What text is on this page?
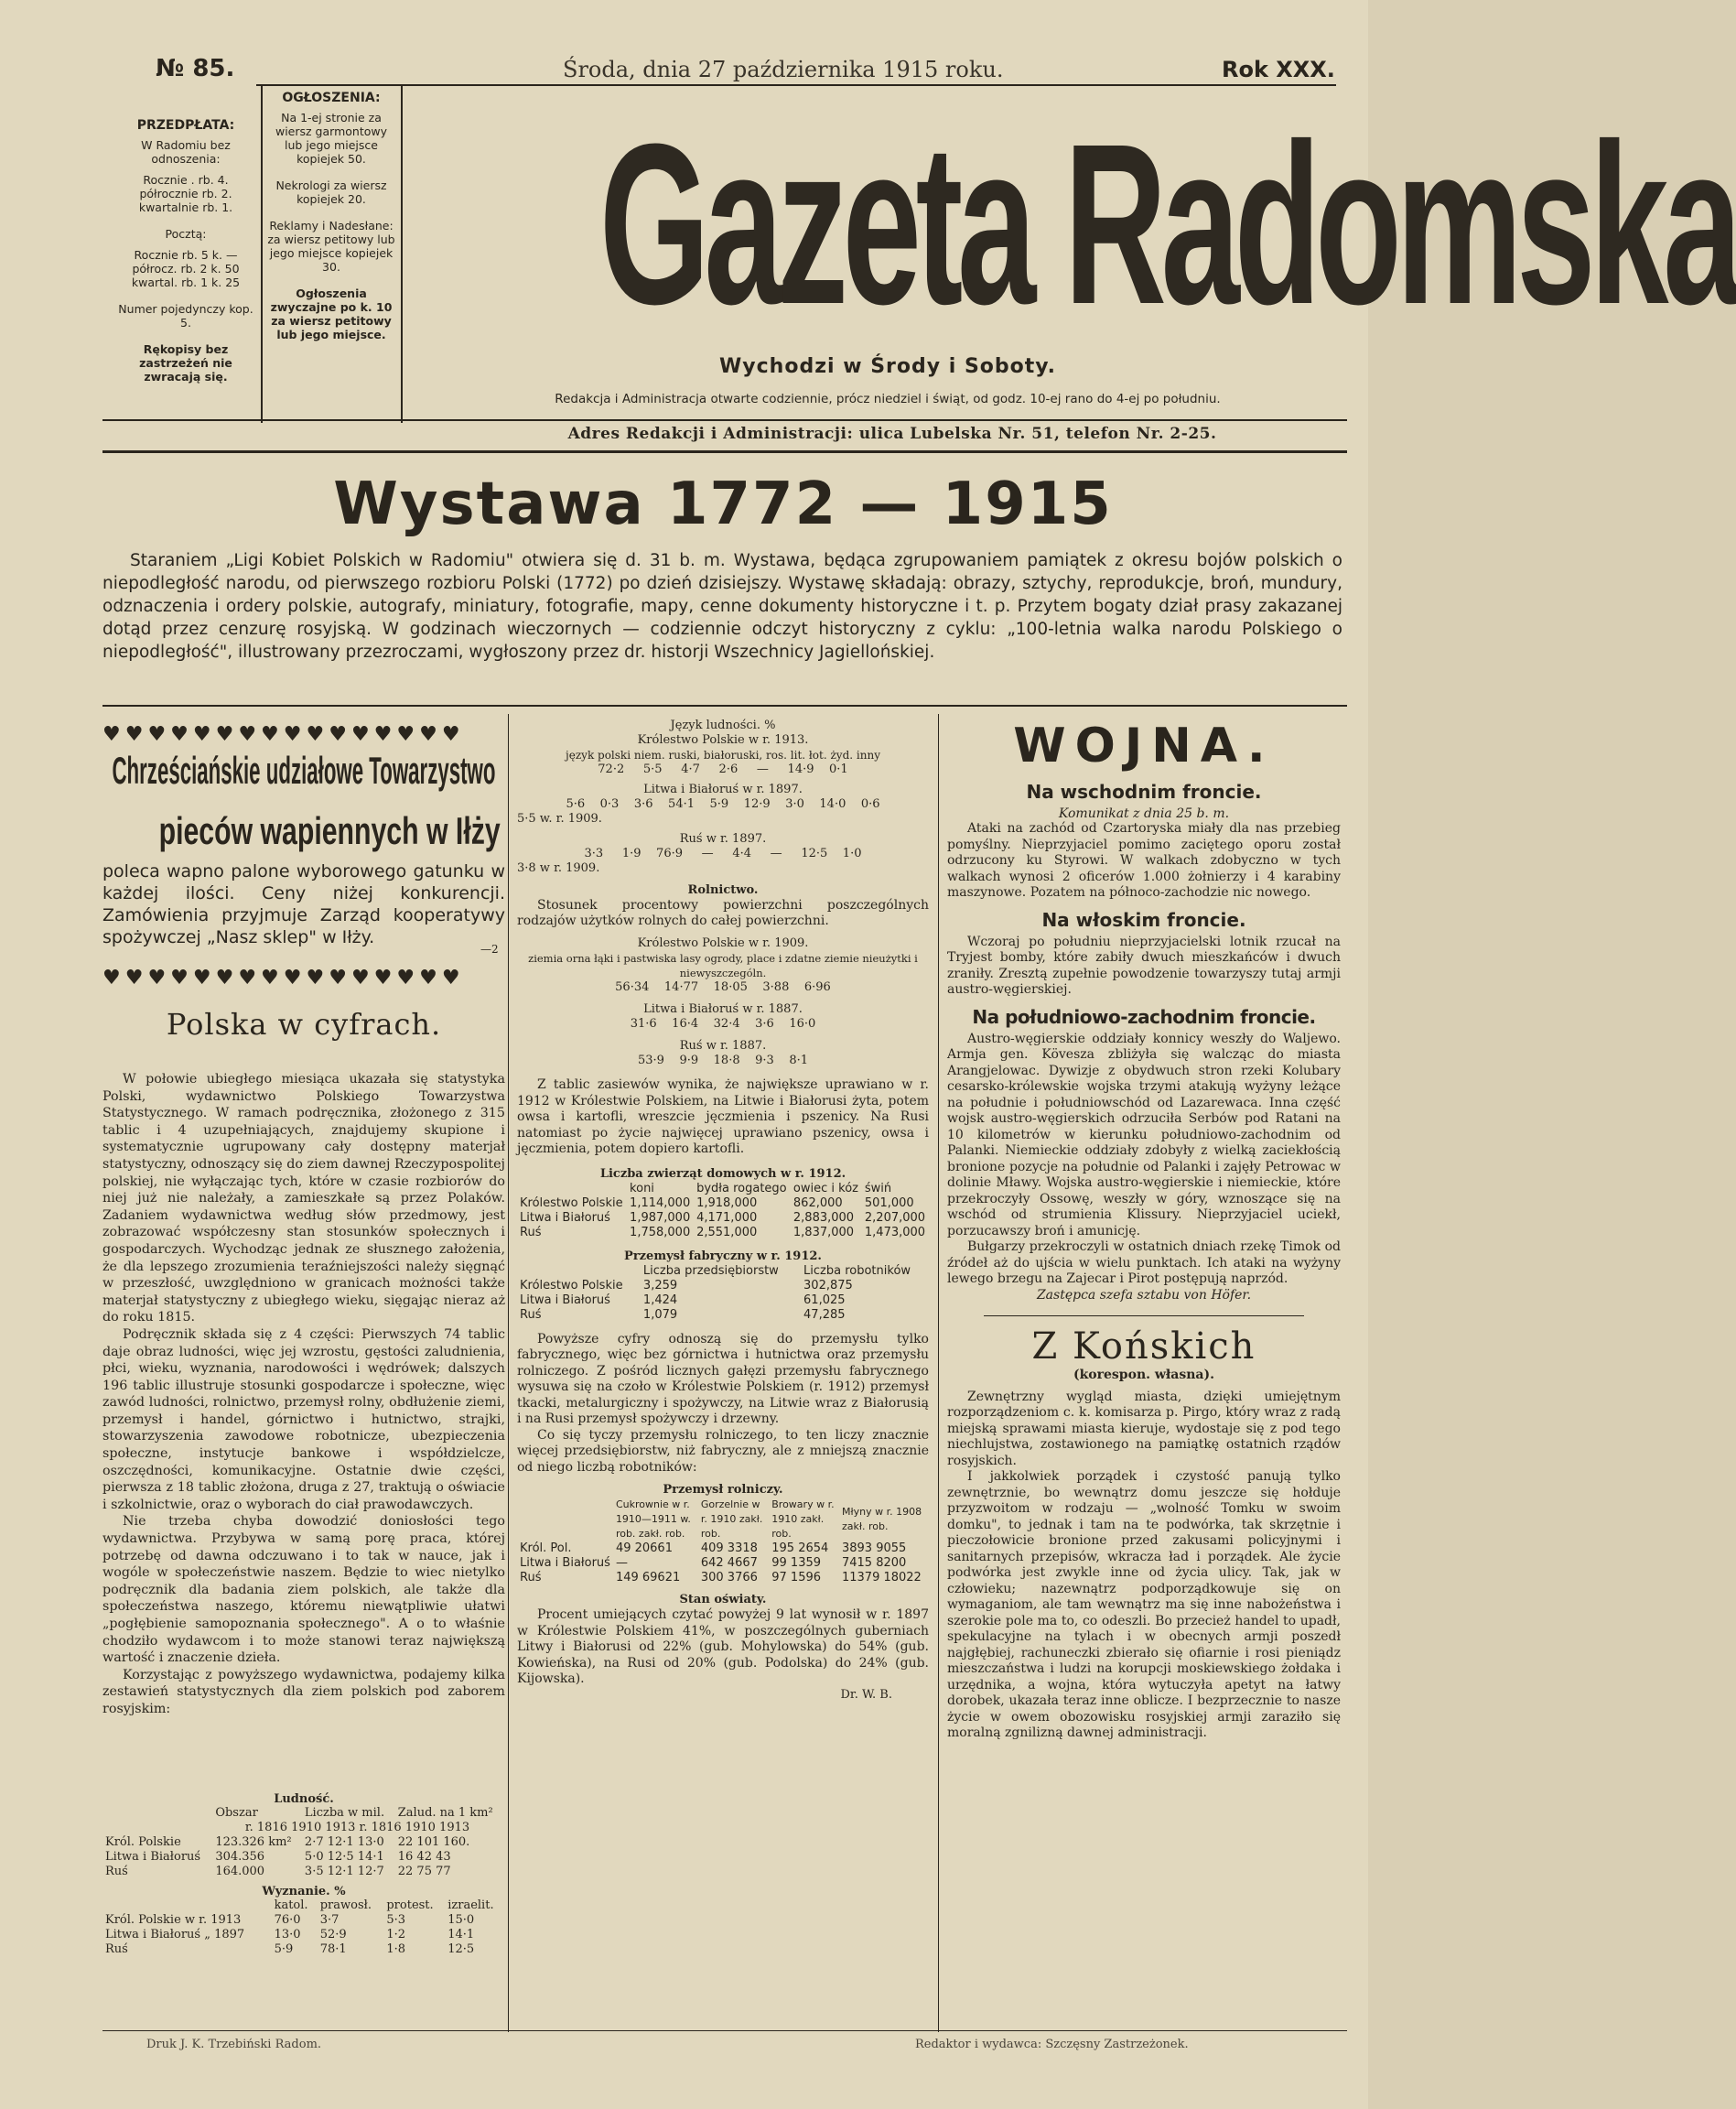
№ 85.	Środa, dnia 27 października 1915 roku.	Rok XXX.
PRZEDPŁATA:

W Radomiu bez odnoszenia:

Rocznie . rb. 4.
półrocznie rb. 2.

kwartalnie rb. 1.

Pocztą:

Rocznie rb. 5 k. —
półrocz. rb. 2 k. 50

kwartal. rb. 1 k. 25

Numer pojedynczy kop. 5.

Rękopisy bez zastrzeżeń nie zwracają się.

OGŁOSZENIA:

Na 1-ej stronie za wiersz garmontowy lub jego miejsce kopiejek 50.

Nekrologi za wiersz kopiejek 20.

Reklamy i Nadesłane: za wiersz petitowy lub jego miejsce kopiejek 30.

Ogłoszenia zwyczajne po k. 10 za wiersz petitowy lub jego miejsce. Gazeta Radomska
Wychodzi w Środy i Soboty.
Redakcja i Administracja otwarte codziennie, prócz niedziel i świąt, od godz. 10-ej rano do 4-ej po południu.
Adres Redakcji i Administracji: ulica Lubelska Nr. 51, telefon Nr. 2-25.
Wystawa 1772 — 1915
Staraniem „Ligi Kobiet Polskich w Radomiu" otwiera się d. 31 b. m. Wystawa, będąca zgrupowaniem pamiątek z okresu bojów polskich o niepodległość narodu, od pierwszego rozbioru Polski (1772) po dzień dzisiejszy. Wystawę składają: obrazy, sztychy, reprodukcje, broń, mundury, odznaczenia i ordery polskie, autografy, miniatury, fotografie, mapy, cenne dokumenty historyczne i t. p. Przytem bogaty dział prasy zakazanej dotąd przez cenzurę rosyjską. W godzinach wieczornych — codziennie odczyt historyczny z cyklu: „100-letnia walka narodu Polskiego o niepodległość", illustrowany przezroczami, wygłoszony przez dr. historji Wszechnicy Jagiellońskiej.
♥♥♥♥♥♥♥♥♥♥♥♥♥♥♥♥
Chrześciańskie udziałowe Towarzystwo
pieców wapiennych w Iłży
poleca wapno palone wyborowego gatunku w każdej ilości. Ceny niżej konkurencji. Zamówienia przyjmuje Zarząd kooperatywy spożywczej „Nasz sklep" w Iłży.
—2
♥♥♥♥♥♥♥♥♥♥♥♥♥♥♥♥
Polska w cyfrach.

W połowie ubiegłego miesiąca ukazała się statystyka Polski, wydawnictwo Polskiego Towarzystwa Statystycznego. W ramach podręcznika, złożonego z 315 tablic i 4 uzupełniających, znajdujemy skupione i systematycznie ugrupowany cały dostępny materjał statystyczny, odnoszący się do ziem dawnej Rzeczypospolitej polskiej, nie wyłączając tych, które w czasie rozbiorów do niej już nie należały, a zamieszkałe są przez Polaków. Zadaniem wydawnictwa według słów przedmowy, jest zobrazować współczesny stan stosunków społecznych i gospodarczych. Wychodząc jednak ze słusznego założenia, że dla lepszego zrozumienia teraźniejszości należy sięgnąć w przeszłość, uwzględniono w granicach możności także materjał statystyczny z ubiegłego wieku, sięgając nieraz aż do roku 1815.

Podręcznik składa się z 4 części: Pierwszych 74 tablic daje obraz ludności, więc jej wzrostu, gęstości zaludnienia, płci, wieku, wyznania, narodowości i wędrówek; dalszych 196 tablic illustruje stosunki gospodarcze i społeczne, więc zawód ludności, rolnictwo, przemysł rolny, obdłużenie ziemi, przemysł i handel, górnictwo i hutnictwo, strajki, stowarzyszenia zawodowe robotnicze, ubezpieczenia społeczne, instytucje bankowe i współdzielcze, oszczędności, komunikacyjne. Ostatnie dwie części, pierwsza z 18 tablic złożona, druga z 27, traktują o oświacie i szkolnictwie, oraz o wyborach do ciał prawodawczych.

Nie trzeba chyba dowodzić doniosłości tego wydawnictwa. Przybywa w samą porę praca, której potrzebę od dawna odczuwano i to tak w nauce, jak i wogóle w społeczeństwie naszem. Będzie to wiec nietylko podręcznik dla badania ziem polskich, ale także dla społeczeństwa naszego, któremu niewątpliwie ułatwi „pogłębienie samopoznania społecznego". A o to właśnie chodziło wydawcom i to może stanowi teraz największą wartość i znaczenie dzieła.

Korzystając z powyższego wydawnictwa, podajemy kilka zestawień statystycznych dla ziem polskich pod zaborem rosyjskim:

Ludność.
	Obszar	Liczba w mil.	Zalud. na 1 km²
r. 1816 1910 1913 r. 1816 1910 1913			
Król. Polskie	123.326 km²	2·7 12·1 13·0	22 101 160.
Litwa i Białoruś	304.356	5·0 12·5 14·1	16 42 43
Ruś	164.000	3·5 12·1 12·7	22 75 77
Wyznanie. %
	katol.	prawosł.	protest.	izraelit.
Król. Polskie w r. 1913	76·0	3·7	5·3	15·0
Litwa i Białoruś „ 1897	13·0	52·9	1·2	14·1
Ruś	5·9	78·1	1·8	12·5
Język ludności. %
Królestwo Polskie w r. 1913.
język polski niem. ruski, białoruski, ros. lit. łot. żyd. inny
72·2     5·5     4·7     2·6     —     14·9    0·1
Litwa i Białoruś w r. 1897.
5·6    0·3    3·6    54·1    5·9    12·9    3·0    14·0    0·6
5·5 w. r. 1909.
Ruś w r. 1897.
3·3     1·9    76·9     —     4·4     —     12·5    1·0
3·8 w r. 1909.
Rolnictwo.
Stosunek procentowy powierzchni poszczególnych rodzajów użytków rolnych do całej powierzchni.
Królestwo Polskie w r. 1909.
ziemia orna łąki i pastwiska lasy ogrody, place i zdatne ziemie nieużytki i niewyszczególn.
56·34    14·77    18·05    3·88    6·96
Litwa i Białoruś w r. 1887.
31·6    16·4    32·4    3·6    16·0
Ruś w r. 1887.
53·9    9·9    18·8    9·3    8·1
Z tablic zasiewów wynika, że największe uprawiano w r. 1912 w Królestwie Polskiem, na Litwie i Białorusi żyta, potem owsa i kartofli, wreszcie jęczmienia i pszenicy. Na Rusi natomiast po życie najwięcej uprawiano pszenicy, owsa i jęczmienia, potem dopiero kartofli.
Liczba zwierząt domowych w r. 1912.
	koni	bydła rogatego	owiec i kóz	świń
Królestwo Polskie	1,114,000	1,918,000	862,000	501,000
Litwa i Białoruś	1,987,000	4,171,000	2,883,000	2,207,000
Ruś	1,758,000	2,551,000	1,837,000	1,473,000
Przemysł fabryczny w r. 1912.
	Liczba przedsiębiorstw	Liczba robotników
Królestwo Polskie	3,259	302,875
Litwa i Białoruś	1,424	61,025
Ruś	1,079	47,285
Powyższe cyfry odnoszą się do przemysłu tylko fabrycznego, więc bez górnictwa i hutnictwa oraz przemysłu rolniczego. Z pośród licznych gałęzi przemysłu fabrycznego wysuwa się na czoło w Królestwie Polskiem (r. 1912) przemysł tkacki, metalurgiczny i spożywczy, na Litwie wraz z Białorusią i na Rusi przemysł spożywczy i drzewny.
Co się tyczy przemysłu rolniczego, to ten liczy znacznie więcej przedsiębiorstw, niż fabryczny, ale z mniejszą znacznie od niego liczbą robotników:
Przemysł rolniczy.
	Cukrownie w r. 1910—1911 w. rob. zakł. rob.	Gorzelnie w r. 1910 zakł. rob.	Browary w r. 1910 zakł. rob.	Młyny w r. 1908 zakł. rob.
Król. Pol.	49 20661	409 3318	195 2654	3893 9055
Litwa i Białoruś	—	642 4667	99 1359	7415 8200
Ruś	149 69621	300 3766	97 1596	11379 18022
Stan oświaty.
Procent umiejących czytać powyżej 9 lat wynosił w r. 1897 w Królestwie Polskiem 41%, w poszczególnych guberniach Litwy i Białorusi od 22% (gub. Mohylowska) do 54% (gub. Kowieńska), na Rusi od 20% (gub. Podolska) do 24% (gub. Kijowska).
Dr. W. B.
WOJNA.
Na wschodnim froncie.
Komunikat z dnia 25 b. m.
Ataki na zachód od Czartoryska miały dla nas przebieg pomyślny. Nieprzyjaciel pomimo zaciętego oporu został odrzucony ku Styrowi. W walkach zdobyczno w tych walkach wynosi 2 oficerów 1.000 żołnierzy i 4 karabiny maszynowe. Pozatem na północo-zachodzie nic nowego.
Na włoskim froncie.
Wczoraj po południu nieprzyjacielski lotnik rzucał na Tryjest bomby, które zabiły dwuch mieszkańców i dwuch zraniły. Zresztą zupełnie powodzenie towarzyszy tutaj armji austro-węgierskiej.
Na południowo-zachodnim froncie.
Austro-węgierskie oddziały konnicy weszły do Waljewo. Armja gen. Kövesza zbliżyła się walcząc do miasta Arangjelowac. Dywizje z obydwuch stron rzeki Kolubary cesarsko-królewskie wojska trzymi atakują wyżyny leżące na południe i południowschód od Lazarewaca. Inna część wojsk austro-węgierskich odrzuciła Serbów pod Ratani na 10 kilometrów w kierunku południowo-zachodnim od Palanki. Niemieckie oddziały zdobyły z wielką zaciekłością bronione pozycje na południe od Palanki i zajęły Petrowac w dolinie Mławy. Wojska austro-węgierskie i niemieckie, które przekroczyły Ossowę, weszły w góry, wznoszące się na wschód od strumienia Klissury. Nieprzyjaciel uciekł, porzucawszy broń i amunicję.
Bułgarzy przekroczyli w ostatnich dniach rzekę Timok od źródeł aż do ujścia w wielu punktach. Ich ataki na wyżyny lewego brzegu na Zajecar i Pirot postępują naprzód.
Zastępca szefa sztabu von Höfer.
Z Końskich
(korespon. własna).
Zewnętrzny wygląd miasta, dzięki umiejętnym rozporządzeniom c. k. komisarza p. Pirgo, który wraz z radą miejską sprawami miasta kieruje, wydostaje się z pod tego niechlujstwa, zostawionego na pamiątkę ostatnich rządów rosyjskich.
I jakkolwiek porządek i czystość panują tylko zewnętrznie, bo wewnątrz domu jeszcze się hołduje przyzwoitom w rodzaju — „wolność Tomku w swoim domku", to jednak i tam na te podwórka, tak skrzętnie i pieczołowicie bronione przed zakusami policyjnymi i sanitarnych przepisów, wkracza ład i porządek. Ale życie podwórka jest zwykle inne od życia ulicy. Tak, jak w człowieku; nazewnątrz podporządkowuje się on wymaganiom, ale tam wewnątrz ma się inne nabożeństwa i szerokie pole ma to, co odeszli. Bo przecież handel to upadł, spekulacyjne na tylach i w obecnych armji poszedł najgłębiej, rachuneczki zbierało się ofiarnie i rosi pieniądz mieszczaństwa i ludzi na korupcji moskiewskiego żołdaka i urzędnika, a wojna, która wytuczyła apetyt na łatwy dorobek, ukazała teraz inne oblicze. I bezprzecznie to nasze życie w owem obozowisku rosyjskiej armji zaraziło się moralną zgnilizną dawnej administracji.
Druk J. K. Trzebiński Radom.	Redaktor i wydawca: Szczęsny Zastrzeżonek.
